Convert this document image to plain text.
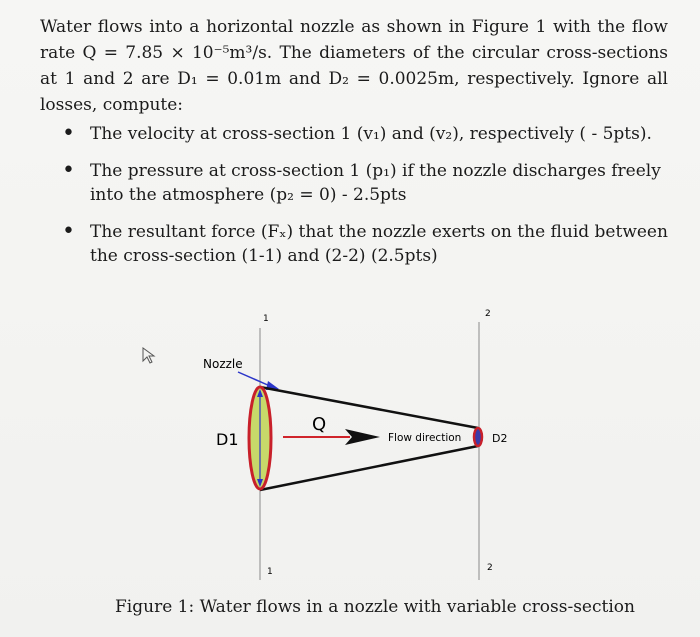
Water flows into a horizontal nozzle as shown in Figure 1 with the flow rate Q = 7.85 × 10⁻⁵m³/s. The diameters of the circular cross-sections at 1 and 2 are D₁ = 0.01m and D₂ = 0.0025m, respectively. Ignore all losses, compute:

• The velocity at cross-section 1 (v₁) and (v₂), respectively ( - 5pts).
• The pressure at cross-section 1 (p₁) if the nozzle discharges freely into the atmosphere (p₂ = 0) - 2.5pts
• The resultant force (Fₓ) that the nozzle exerts on the fluid between the cross-section (1-1) and (2-2) (2.5pts)
1
1
2
2
Nozzle
D1	D2
Q
Flow direction
Figure 1: Water flows in a nozzle with variable cross-section
